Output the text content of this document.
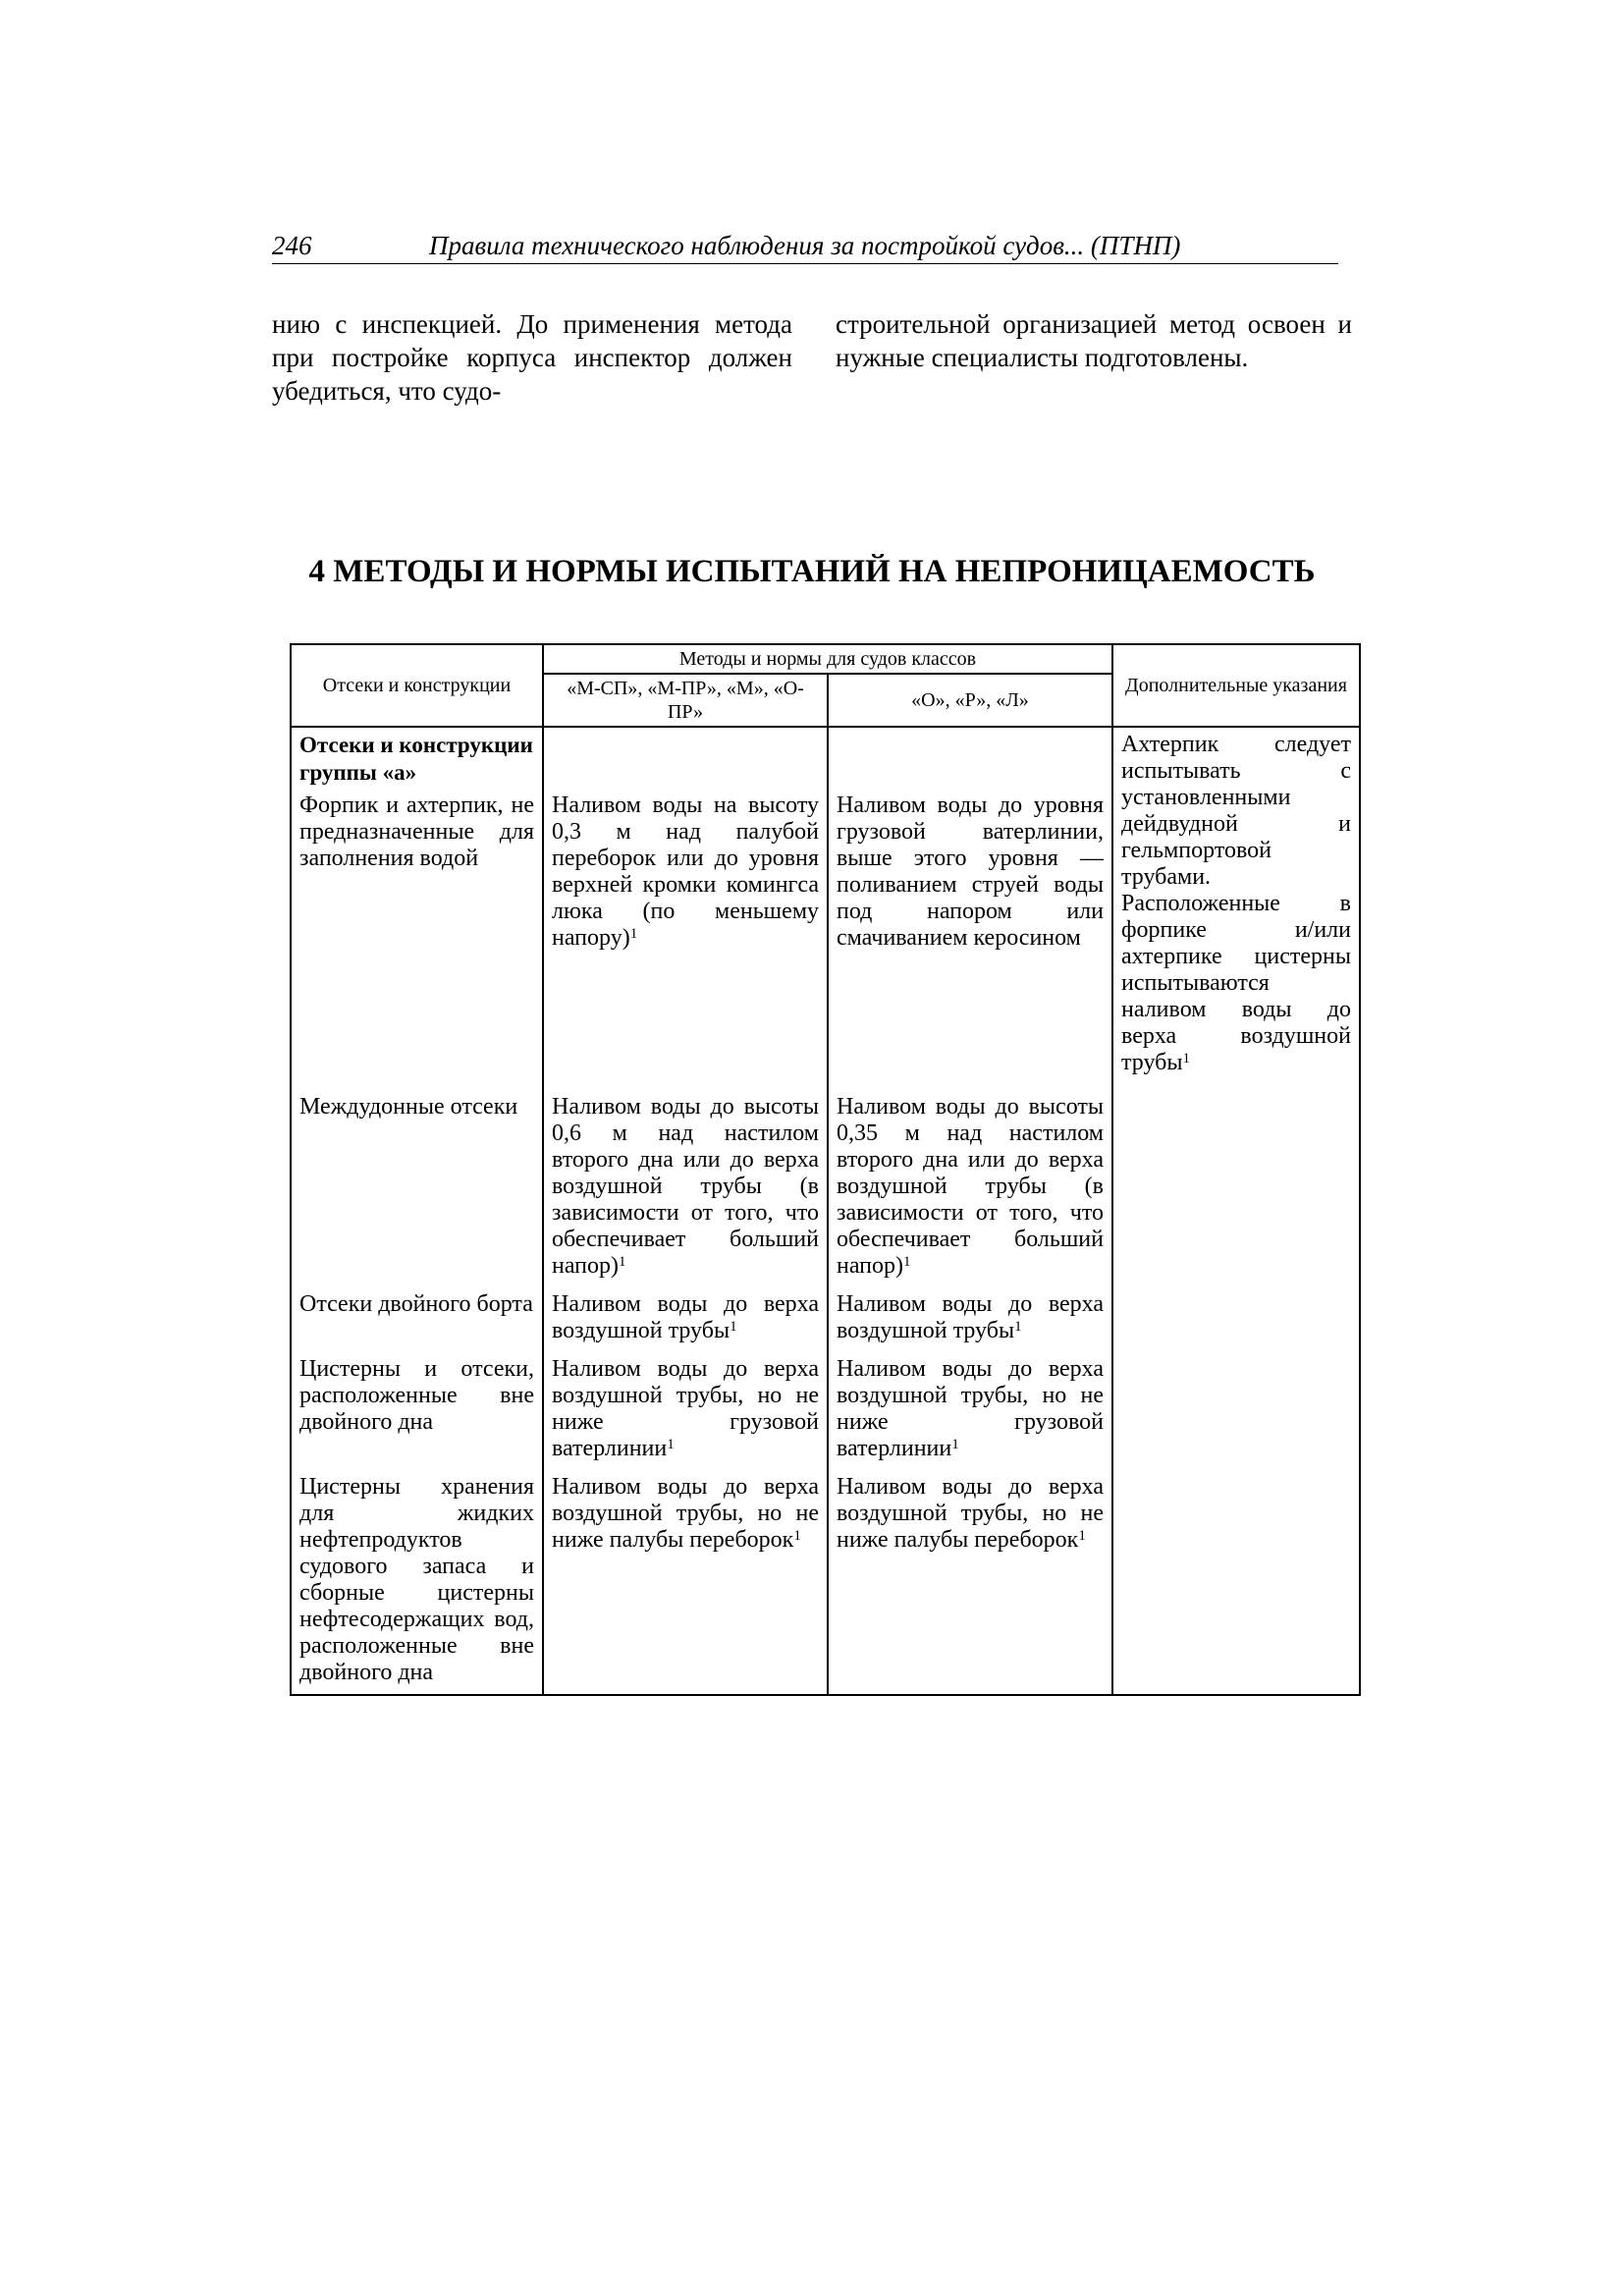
246	Правила технического наблюдения за постройкой судов... (ПТНП)
нию с инспекцией. До применения метода при постройке корпуса инспектор должен убедиться, что судо-
строительной организацией метод освоен и нужные специалисты подготовлены.
4 МЕТОДЫ И НОРМЫ ИСПЫТАНИЙ НА НЕПРОНИЦАЕМОСТЬ
Отсеки и конструкции	Методы и нормы для судов классов		Дополнительные указания
	«М-СП», «М-ПР», «М», «О-ПР»	«О», «Р», «Л»	

Отсеки и конструкции группы «а»			Ахтерпик следует испытывать с установленными дейдвудной и гельмпортовой трубами. Расположенные в форпике и/или ахтерпике цистерны испытываются наливом воды до верха воздушной трубы$^1$
Форпик и ахтерпик, не предназначенные для заполнения водой	Наливом воды на высоту 0,3 м над палубой переборок или до уровня верхней кромки комингса люка (по меньшему напору)$^1$	Наливом воды до уровня грузовой ватерлинии, выше этого уровня — поливанием струей воды под напором или смачиванием керосином	
Междудонные отсеки	Наливом воды до высоты 0,6 м над настилом второго дна или до верха воздушной трубы (в зависимости от того, что обеспечивает больший напор)$^1$	Наливом воды до высоты 0,35 м над настилом второго дна или до верха воздушной трубы (в зависимости от того, что обеспечивает больший напор)$^1$
Отсеки двойного борта	Наливом воды до верха воздушной трубы$^1$	Наливом воды до верха воздушной трубы$^1$
Цистерны и отсеки, расположенные вне двойного дна	Наливом воды до верха воздушной трубы, но не ниже грузовой ватерлинии$^1$	Наливом воды до верха воздушной трубы, но не ниже грузовой ватерлинии$^1$
Цистерны хранения для жидких нефтепродуктов судового запаса и сборные цистерны нефтесодержащих вод, расположенные вне двойного дна	Наливом воды до верха воздушной трубы, но не ниже палубы переборок$^1$	Наливом воды до верха воздушной трубы, но не ниже палубы переборок$^1$
